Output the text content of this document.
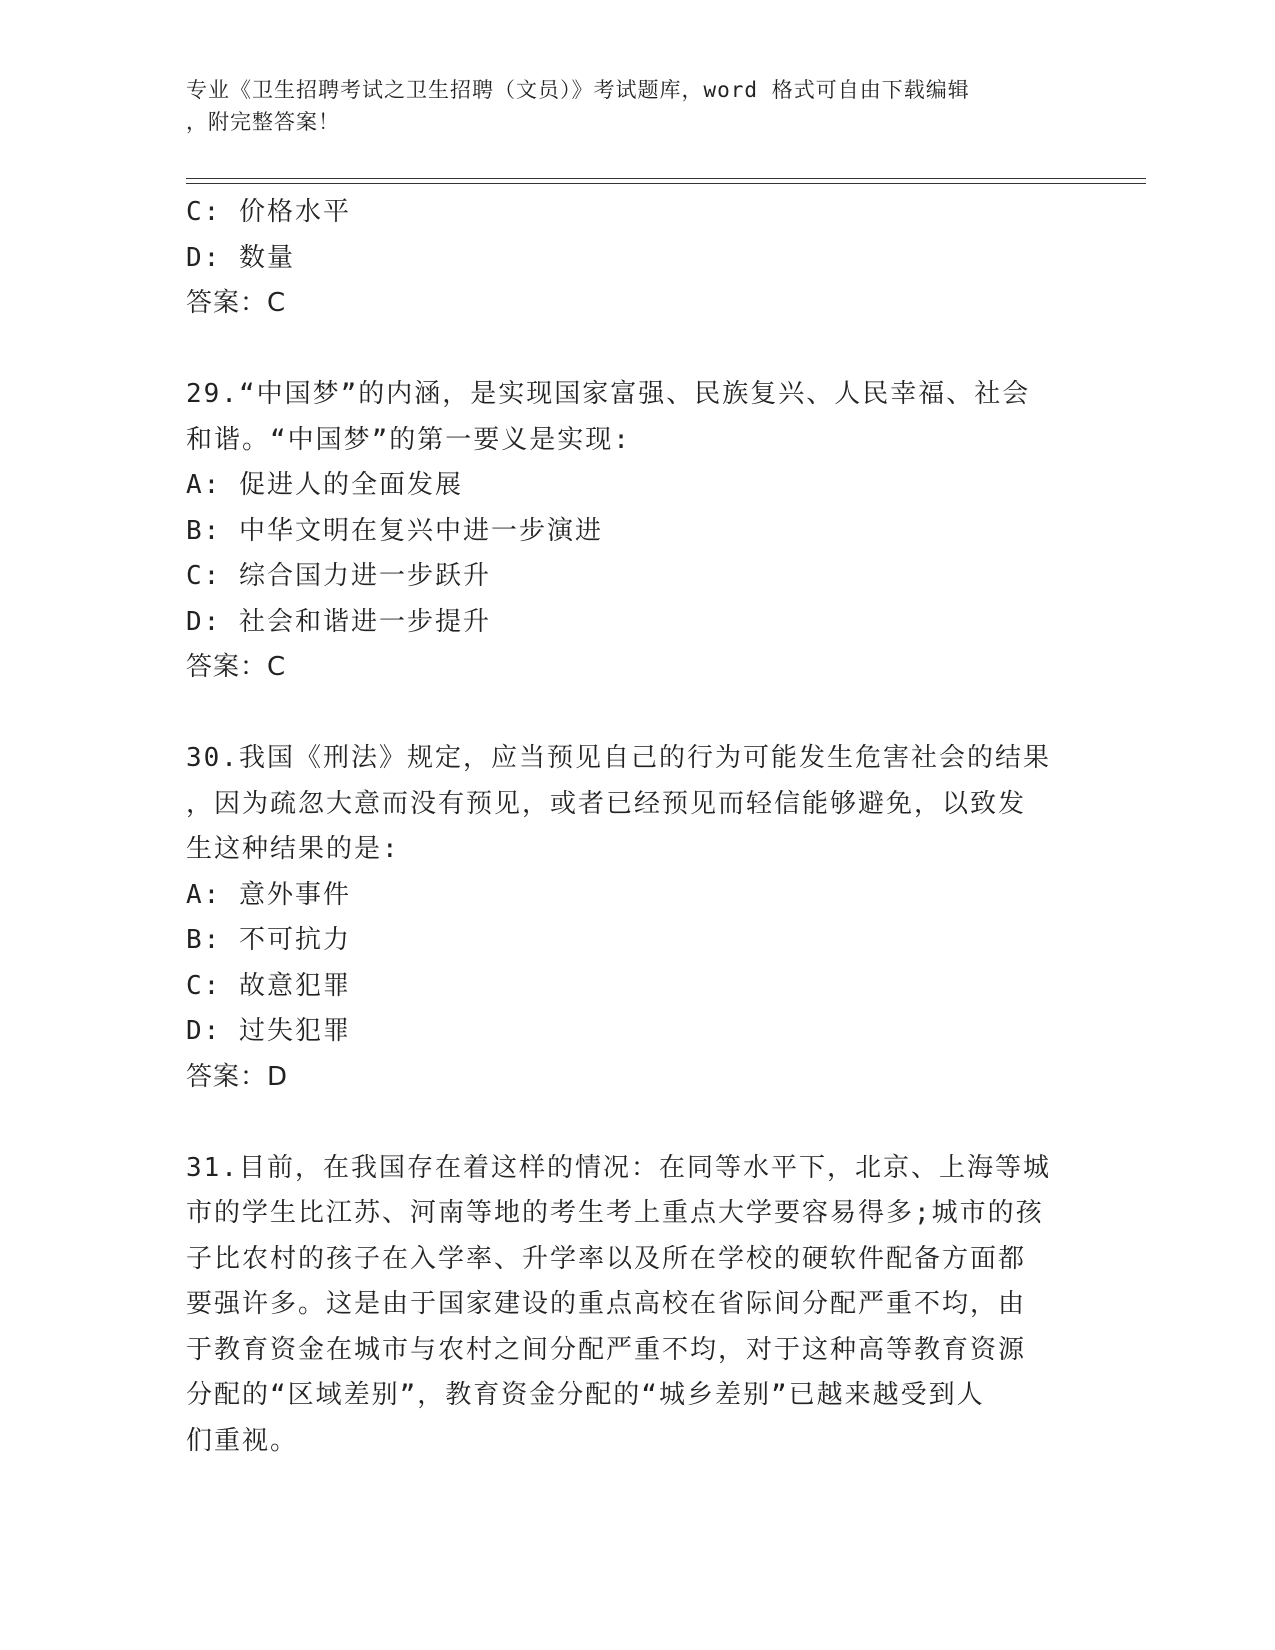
专业《卫生招聘考试之卫生招聘（文员）》考试题库，word 格式可自由下载编辑
，附完整答案！

C: 价格水平

D: 数量

答案：C

29.“中国梦”的内涵，是实现国家富强、民族复兴、人民幸福、社会

和谐。“中国梦”的第一要义是实现:

A: 促进人的全面发展

B: 中华文明在复兴中进一步演进

C: 综合国力进一步跃升

D: 社会和谐进一步提升

答案：C

30.我国《刑法》规定，应当预见自己的行为可能发生危害社会的结果

，因为疏忽大意而没有预见，或者已经预见而轻信能够避免，以致发

生这种结果的是:

A: 意外事件

B: 不可抗力

C: 故意犯罪

D: 过失犯罪

答案：D

31.目前，在我国存在着这样的情况：在同等水平下，北京、上海等城

市的学生比江苏、河南等地的考生考上重点大学要容易得多;城市的孩

子比农村的孩子在入学率、升学率以及所在学校的硬软件配备方面都

要强许多。这是由于国家建设的重点高校在省际间分配严重不均，由

于教育资金在城市与农村之间分配严重不均，对于这种高等教育资源

分配的“区域差别”，教育资金分配的“城乡差别”已越来越受到人

们重视。
